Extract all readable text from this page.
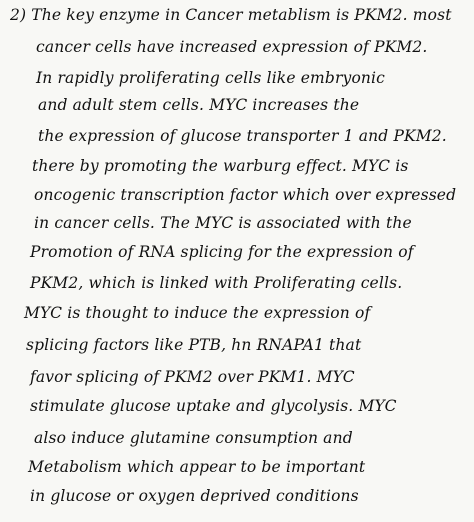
2) The key enzyme in Cancer metablism is PKM2. most
cancer cells have increased expression of PKM2.
In rapidly proliferating cells like embryonic
and adult stem cells. MYC increases the
the expression of glucose transporter 1 and PKM2.
there by promoting the warburg effect. MYC is
oncogenic transcription factor which over expressed
in cancer cells. The MYC is associated with the
Promotion of RNA splicing for the expression of
PKM2, which is linked with Proliferating cells.
MYC is thought to induce the expression of
splicing factors like PTB, hn RNAPA1 that
favor splicing of PKM2 over PKM1. MYC
stimulate glucose uptake and glycolysis. MYC
also induce glutamine consumption and
Metabolism which appear to be important
in glucose or oxygen deprived conditions
